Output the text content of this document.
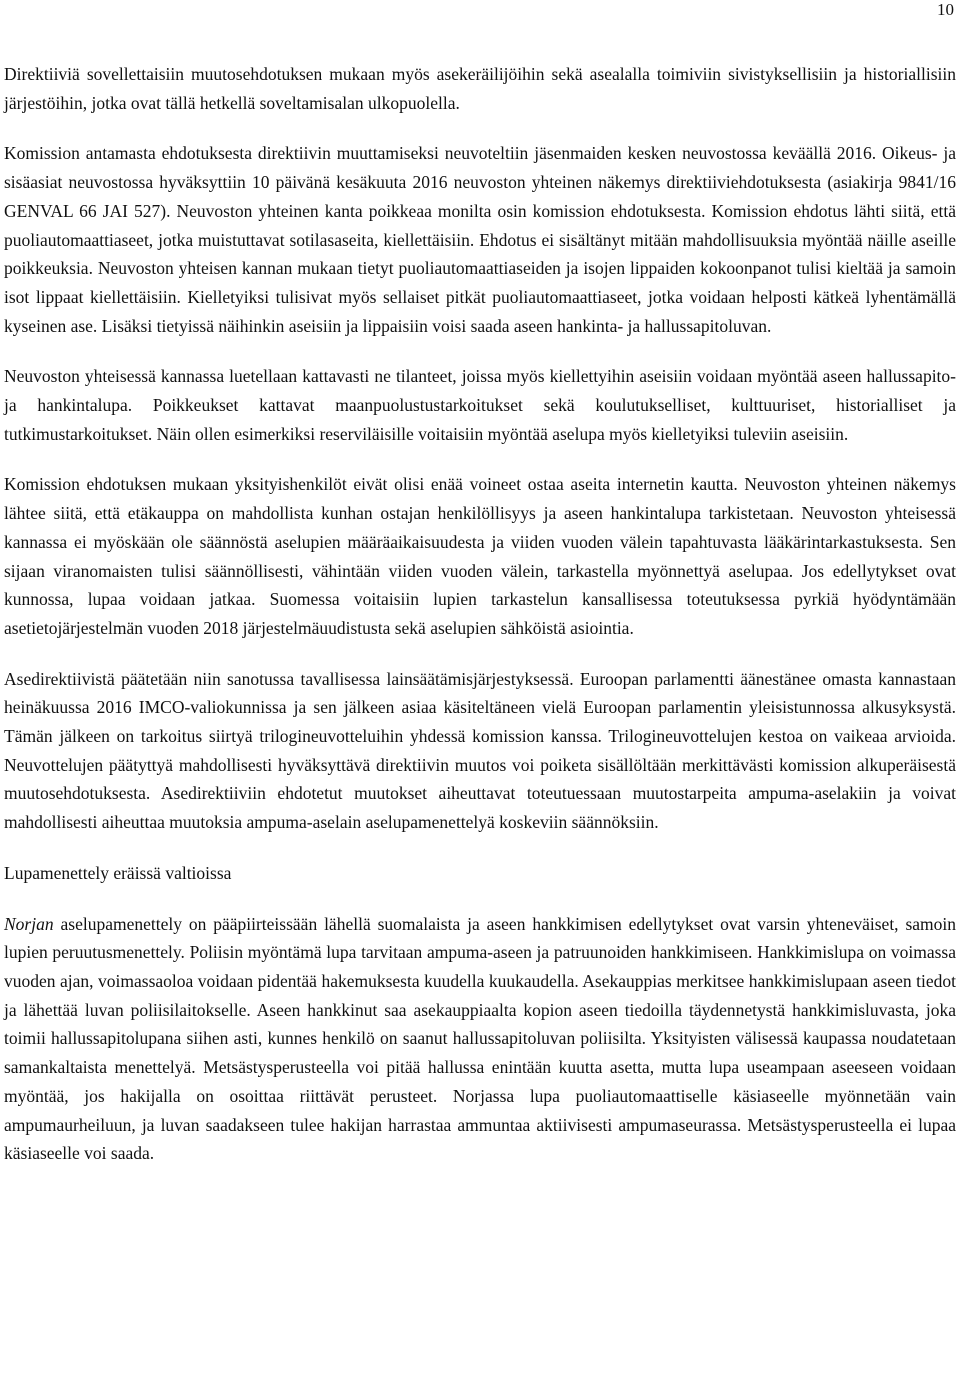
10

Direktiiviä sovellettaisiin muutosehdotuksen mukaan myös asekeräilijöihin sekä asealalla toimiviin sivistyksellisiin ja historiallisiin järjestöihin, jotka ovat tällä hetkellä soveltamisalan ulkopuolella.

Komission antamasta ehdotuksesta direktiivin muuttamiseksi neuvoteltiin jäsenmaiden kesken neuvostossa keväällä 2016. Oikeus- ja sisäasiat neuvostossa hyväksyttiin 10 päivänä kesäkuuta 2016 neuvoston yhteinen näkemys direktiiviehdotuksesta (asiakirja 9841/16 GENVAL 66 JAI 527). Neuvoston yhteinen kanta poikkeaa monilta osin komission ehdotuksesta. Komission ehdotus lähti siitä, että puoliautomaattiaseet, jotka muistuttavat sotilasaseita, kiellettäisiin. Ehdotus ei sisältänyt mitään mahdollisuuksia myöntää näille aseille poikkeuksia. Neuvoston yhteisen kannan mukaan tietyt puoliautomaattiaseiden ja isojen lippaiden kokoonpanot tulisi kieltää ja samoin isot lippaat kiellettäisiin. Kielletyiksi tulisivat myös sellaiset pitkät puoliautomaattiaseet, jotka voidaan helposti kätkeä lyhentämällä kyseinen ase. Lisäksi tietyissä näihinkin aseisiin ja lippaisiin voisi saada aseen hankinta- ja hallussapitoluvan.

Neuvoston yhteisessä kannassa luetellaan kattavasti ne tilanteet, joissa myös kiellettyihin aseisiin voidaan myöntää aseen hallussapito- ja hankintalupa. Poikkeukset kattavat maanpuolustustarkoitukset sekä koulutukselliset, kulttuuriset, historialliset ja tutkimustarkoitukset. Näin ollen esimerkiksi reserviläisille voitaisiin myöntää aselupa myös kielletyiksi tuleviin aseisiin.

Komission ehdotuksen mukaan yksityishenkilöt eivät olisi enää voineet ostaa aseita internetin kautta. Neuvoston yhteinen näkemys lähtee siitä, että etäkauppa on mahdollista kunhan ostajan henkilöllisyys ja aseen hankintalupa tarkistetaan. Neuvoston yhteisessä kannassa ei myöskään ole säännöstä aselupien määräaikaisuudesta ja viiden vuoden välein tapahtuvasta lääkärintarkastuksesta. Sen sijaan viranomaisten tulisi säännöllisesti, vähintään viiden vuoden välein, tarkastella myönnettyä aselupaa. Jos edellytykset ovat kunnossa, lupaa voidaan jatkaa. Suomessa voitaisiin lupien tarkastelun kansallisessa toteutuksessa pyrkiä hyödyntämään asetietojärjestelmän vuoden 2018 järjestelmäuudistusta sekä aselupien sähköistä asiointia.

Asedirektiivistä päätetään niin sanotussa tavallisessa lainsäätämisjärjestyksessä. Euroopan parlamentti äänestänee omasta kannastaan heinäkuussa 2016 IMCO-valiokunnissa ja sen jälkeen asiaa käsiteltäneen vielä Euroopan parlamentin yleisistunnossa alkusyksystä. Tämän jälkeen on tarkoitus siirtyä trilogineuvotteluihin yhdessä komission kanssa. Trilogineuvottelujen kestoa on vaikeaa arvioida. Neuvottelujen päätyttyä mahdollisesti hyväksyttävä direktiivin muutos voi poiketa sisällöltään merkittävästi komission alkuperäisestä muutosehdotuksesta. Asedirektiiviin ehdotetut muutokset aiheuttavat toteutuessaan muutostarpeita ampuma-aselakiin ja voivat mahdollisesti aiheuttaa muutoksia ampuma-aselain aselupamenettelyä koskeviin säännöksiin.

Lupamenettely eräissä valtioissa

Norjan aselupamenettely on pääpiirteissään lähellä suomalaista ja aseen hankkimisen edellytykset ovat varsin yhteneväiset, samoin lupien peruutusmenettely. Poliisin myöntämä lupa tarvitaan ampuma-aseen ja patruunoiden hankkimiseen. Hankkimislupa on voimassa vuoden ajan, voimassaoloa voidaan pidentää hakemuksesta kuudella kuukaudella. Asekauppias merkitsee hankkimislupaan aseen tiedot ja lähettää luvan poliisilaitokselle. Aseen hankkinut saa asekauppiaalta kopion aseen tiedoilla täydennetystä hankkimisluvasta, joka toimii hallussapitolupana siihen asti, kunnes henkilö on saanut hallussapitoluvan poliisilta. Yksityisten välisessä kaupassa noudatetaan samankaltaista menettelyä. Metsästysperusteella voi pitää hallussa enintään kuutta asetta, mutta lupa useampaan aseeseen voidaan myöntää, jos hakijalla on osoittaa riittävät perusteet. Norjassa lupa puoliautomaattiselle käsiaseelle myönnetään vain ampumaurheiluun, ja luvan saadakseen tulee hakijan harrastaa ammuntaa aktiivisesti ampumaseurassa. Metsästysperusteella ei lupaa käsiaseelle voi saada.
